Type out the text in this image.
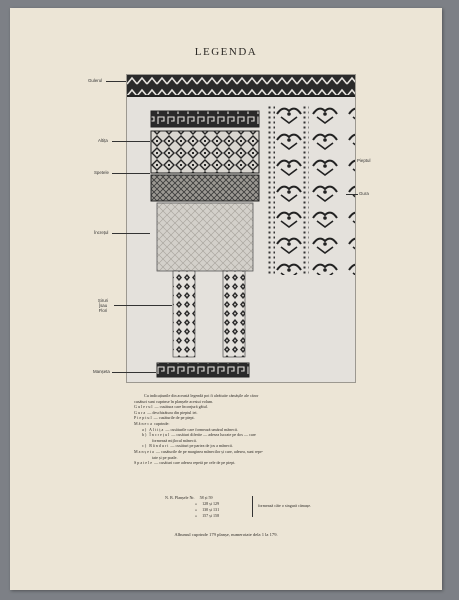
LEGENDA
Gulerul
Altița
Spetele
Încrețul
Șiruri
[sau
Flori
Manșeta
Pieptul
Gura

Cu indicațiunile din această legendă pot fi aleătuite cămășile ale căror

cusături sunt cuprinse în planșele acestui volum.

Gulerul — cusătura care înconjură gâtul.

Gura — deschizătura din pieptul iei.

Pieptul — cusăturile de pe piept.

Mâneca cuprinde:

a) Altița — cusăturile care formează umărul mânecii.

b) Încrețul — cusături diferite — adesea lucrate pe dos — care

formează mijlocul mânecii.

c) Rânduri — cusături pe partea de jos a mânecii.

Manșeta — cusăturile de pe marginea mânecilor și care, adesea, sunt repe-

tate și pe poale.

Spatele — cusături care adesea repetă pe cele de pe piept.

N. B. Planșele Nr. 58 și 59
» 128 și 129
» 130 și 131
» 157 și 158
formează câte o singură cămașe.
Albumul cuprinde 179 planșe, numerotate dela 1 la 179.
